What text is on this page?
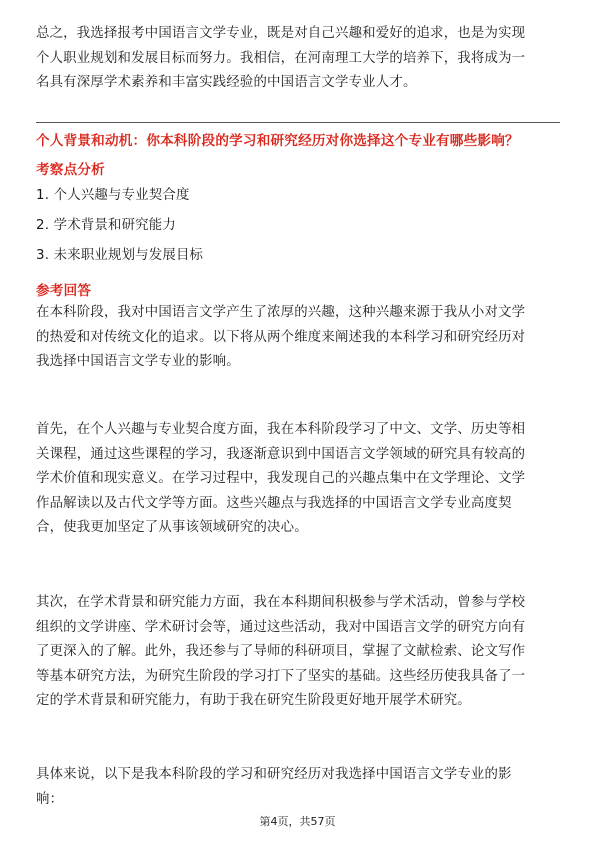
总之，我选择报考中国语言文学专业，既是对自己兴趣和爱好的追求，也是为实现
个人职业规划和发展目标而努力。我相信，在河南理工大学的培养下，我将成为一
名具有深厚学术素养和丰富实践经验的中国语言文学专业人才。
个人背景和动机：你本科阶段的学习和研究经历对你选择这个专业有哪些影响？
考察点分析
1. 个人兴趣与专业契合度
2. 学术背景和研究能力
3. 未来职业规划与发展目标
参考回答
在本科阶段，我对中国语言文学产生了浓厚的兴趣，这种兴趣来源于我从小对文学
的热爱和对传统文化的追求。以下将从两个维度来阐述我的本科学习和研究经历对
我选择中国语言文学专业的影响。
首先，在个人兴趣与专业契合度方面，我在本科阶段学习了中文、文学、历史等相
关课程，通过这些课程的学习，我逐渐意识到中国语言文学领域的研究具有较高的
学术价值和现实意义。在学习过程中，我发现自己的兴趣点集中在文学理论、文学
作品解读以及古代文学等方面。这些兴趣点与我选择的中国语言文学专业高度契
合，使我更加坚定了从事该领域研究的决心。
其次，在学术背景和研究能力方面，我在本科期间积极参与学术活动，曾参与学校
组织的文学讲座、学术研讨会等，通过这些活动，我对中国语言文学的研究方向有
了更深入的了解。此外，我还参与了导师的科研项目，掌握了文献检索、论文写作
等基本研究方法，为研究生阶段的学习打下了坚实的基础。这些经历使我具备了一
定的学术背景和研究能力，有助于我在研究生阶段更好地开展学术研究。
具体来说，以下是我本科阶段的学习和研究经历对我选择中国语言文学专业的影
响：
第4页，共57页
